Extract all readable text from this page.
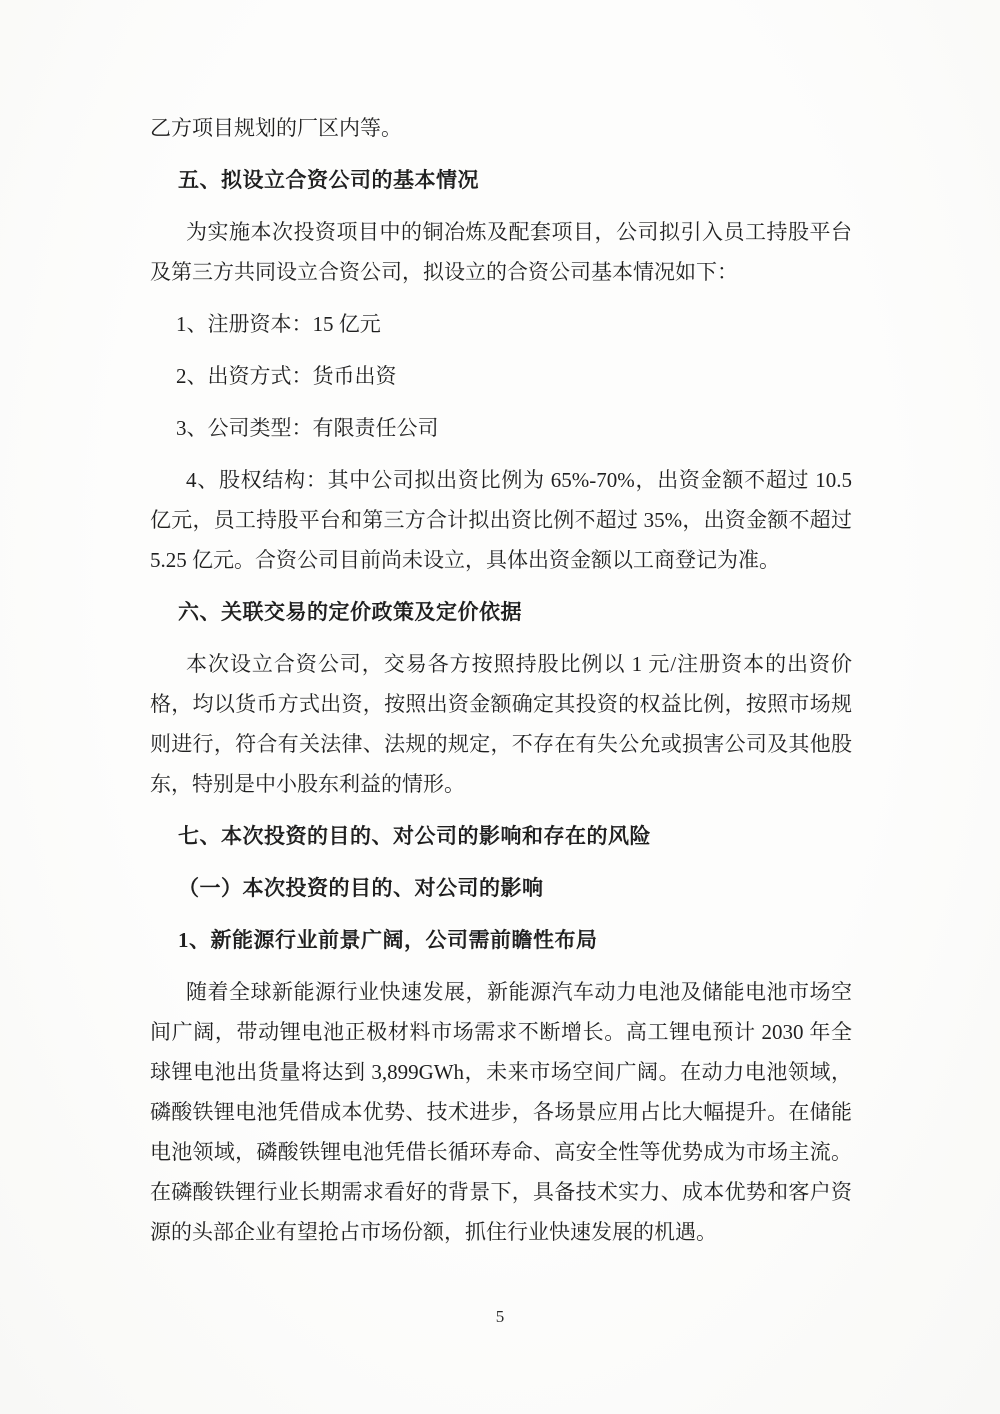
乙方项目规划的厂区内等。

五、拟设立合资公司的基本情况

为实施本次投资项目中的铜冶炼及配套项目，公司拟引入员工持股平台及第三方共同设立合资公司，拟设立的合资公司基本情况如下：

1、注册资本：15 亿元

2、出资方式：货币出资

3、公司类型：有限责任公司

4、股权结构：其中公司拟出资比例为 65%-70%，出资金额不超过 10.5 亿元，员工持股平台和第三方合计拟出资比例不超过 35%，出资金额不超过 5.25 亿元。合资公司目前尚未设立，具体出资金额以工商登记为准。

六、关联交易的定价政策及定价依据

本次设立合资公司，交易各方按照持股比例以 1 元/注册资本的出资价格，均以货币方式出资，按照出资金额确定其投资的权益比例，按照市场规则进行，符合有关法律、法规的规定，不存在有失公允或损害公司及其他股东，特别是中小股东利益的情形。

七、本次投资的目的、对公司的影响和存在的风险

（一）本次投资的目的、对公司的影响

1、新能源行业前景广阔，公司需前瞻性布局

随着全球新能源行业快速发展，新能源汽车动力电池及储能电池市场空间广阔，带动锂电池正极材料市场需求不断增长。高工锂电预计 2030 年全球锂电池出货量将达到 3,899GWh，未来市场空间广阔。在动力电池领域，磷酸铁锂电池凭借成本优势、技术进步，各场景应用占比大幅提升。在储能电池领域，磷酸铁锂电池凭借长循环寿命、高安全性等优势成为市场主流。在磷酸铁锂行业长期需求看好的背景下，具备技术实力、成本优势和客户资源的头部企业有望抢占市场份额，抓住行业快速发展的机遇。

5
